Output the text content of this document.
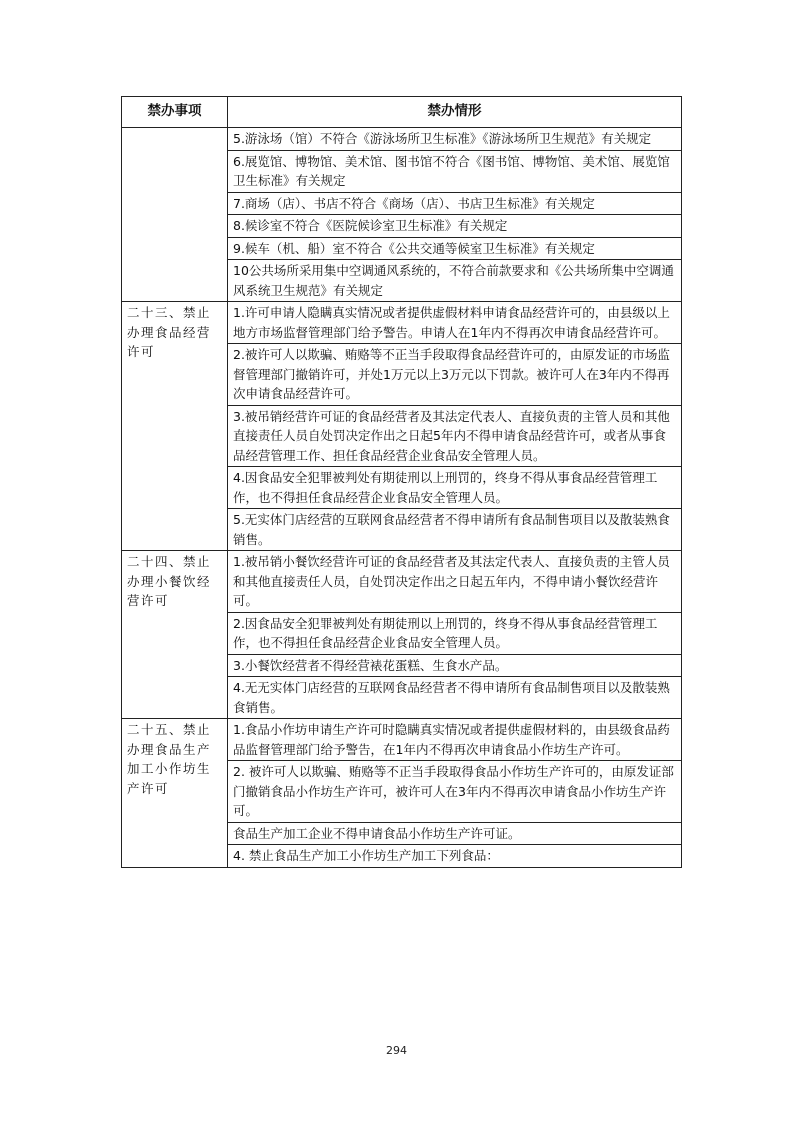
禁办事项	禁办情形
	5.游泳场（馆）不符合《游泳场所卫生标准》《游泳场所卫生规范》有关规定
	6.展览馆、博物馆、美术馆、图书馆不符合《图书馆、博物馆、美术馆、展览馆卫生标准》有关规定
	7.商场（店）、书店不符合《商场（店）、书店卫生标准》有关规定
	8.候诊室不符合《医院候诊室卫生标准》有关规定
	9.候车（机、船）室不符合《公共交通等候室卫生标准》有关规定
	10公共场所采用集中空调通风系统的，不符合前款要求和《公共场所集中空调通风系统卫生规范》有关规定
二十三、禁止办理食品经营许可	1.许可申请人隐瞒真实情况或者提供虚假材料申请食品经营许可的，由县级以上地方市场监督管理部门给予警告。申请人在1年内不得再次申请食品经营许可。
	2.被许可人以欺骗、贿赂等不正当手段取得食品经营许可的，由原发证的市场监督管理部门撤销许可，并处1万元以上3万元以下罚款。被许可人在3年内不得再次申请食品经营许可。
	3.被吊销经营许可证的食品经营者及其法定代表人、直接负责的主管人员和其他直接责任人员自处罚决定作出之日起5年内不得申请食品经营许可，或者从事食品经营管理工作、担任食品经营企业食品安全管理人员。
	4.因食品安全犯罪被判处有期徒刑以上刑罚的，终身不得从事食品经营管理工作，也不得担任食品经营企业食品安全管理人员。
	5.无实体门店经营的互联网食品经营者不得申请所有食品制售项目以及散装熟食销售。
二十四、禁止办理小餐饮经营许可	1.被吊销小餐饮经营许可证的食品经营者及其法定代表人、直接负责的主管人员和其他直接责任人员，自处罚决定作出之日起五年内，不得申请小餐饮经营许可。
	2.因食品安全犯罪被判处有期徒刑以上刑罚的，终身不得从事食品经营管理工作，也不得担任食品经营企业食品安全管理人员。
	3.小餐饮经营者不得经营裱花蛋糕、生食水产品。
	4.无无实体门店经营的互联网食品经营者不得申请所有食品制售项目以及散装熟食销售。
二十五、禁止办理食品生产加工小作坊生产许可	1.食品小作坊申请生产许可时隐瞒真实情况或者提供虚假材料的，由县级食品药品监督管理部门给予警告，在1年内不得再次申请食品小作坊生产许可。
	2. 被许可人以欺骗、贿赂等不正当手段取得食品小作坊生产许可的，由原发证部门撤销食品小作坊生产许可，被许可人在3年内不得再次申请食品小作坊生产许可。
	食品生产加工企业不得申请食品小作坊生产许可证。
	4. 禁止食品生产加工小作坊生产加工下列食品：
294
